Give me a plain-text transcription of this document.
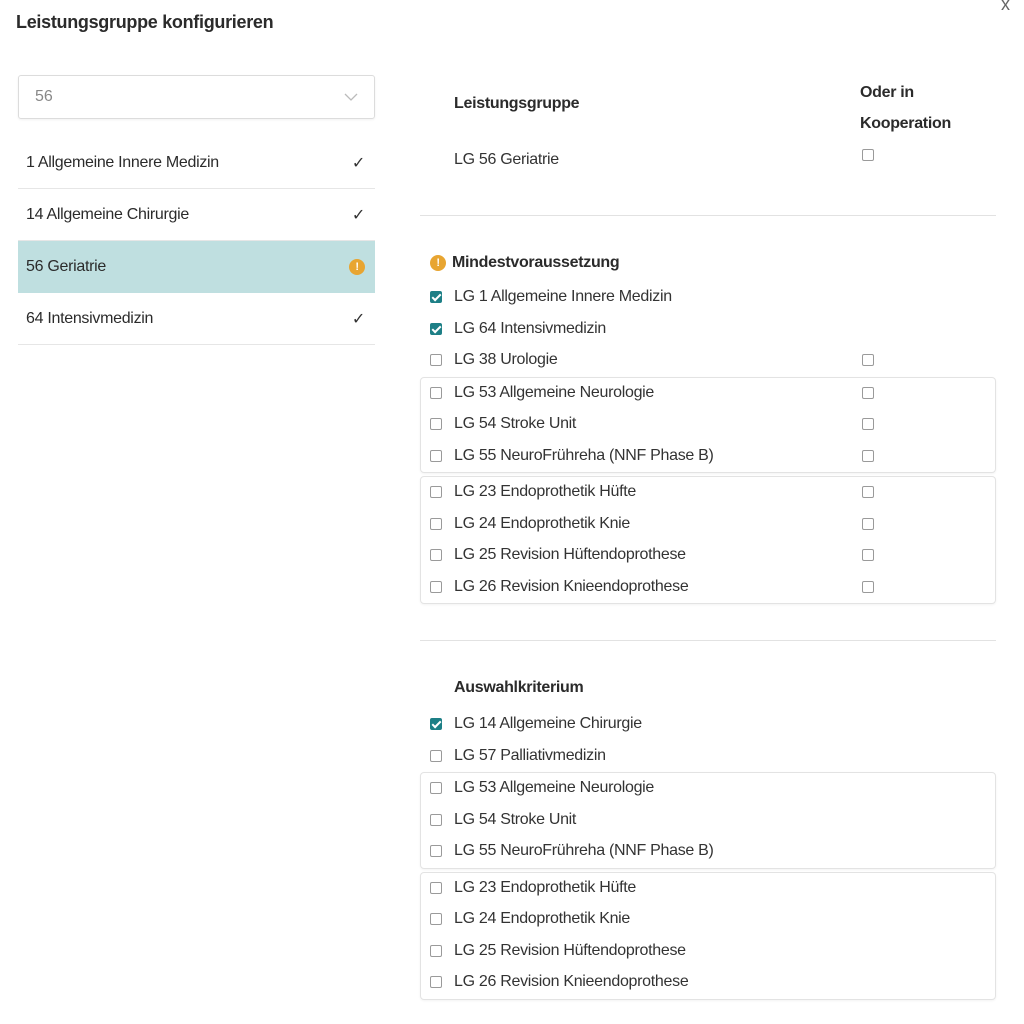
Leistungsgruppe konfigurieren
x
56
1 Allgemeine Innere Medizin	✓
14 Allgemeine Chirurgie	✓
56 Geriatrie	!
64 Intensivmedizin	✓
Leistungsgruppe
Oder in Kooperation
LG 56 Geriatrie
! Mindestvoraussetzung
LG 1 Allgemeine Innere Medizin
LG 64 Intensivmedizin
LG 38 Urologie
LG 53 Allgemeine Neurologie
LG 54 Stroke Unit
LG 55 NeuroFrühreha (NNF Phase B)
LG 23 Endoprothetik Hüfte
LG 24 Endoprothetik Knie
LG 25 Revision Hüftendoprothese
LG 26 Revision Knieendoprothese
Auswahlkriterium
LG 14 Allgemeine Chirurgie
LG 57 Palliativmedizin
LG 53 Allgemeine Neurologie
LG 54 Stroke Unit
LG 55 NeuroFrühreha (NNF Phase B)
LG 23 Endoprothetik Hüfte
LG 24 Endoprothetik Knie
LG 25 Revision Hüftendoprothese
LG 26 Revision Knieendoprothese
